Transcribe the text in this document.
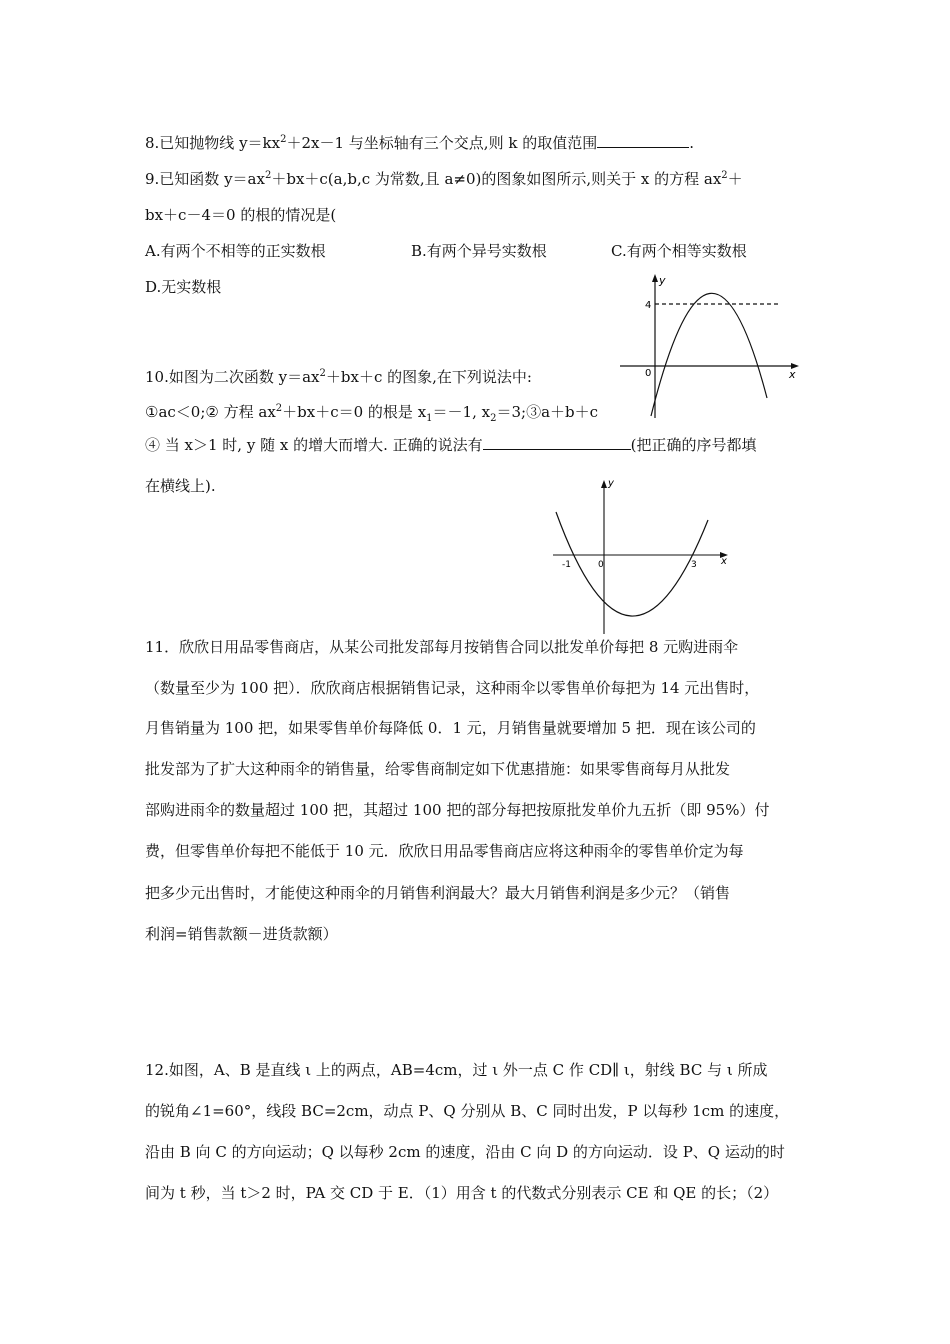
8.已知抛物线 $y=kx^2+2x-1$ 与坐标轴有三个交点,则 k 的取值范围	.
9.已知函数 $y=ax^2+bx+c(a,b,c$ 为常数,且 a≠0)的图象如图所示,则关于 x 的方程 $ax^2+$
bx＋c－4＝0 的根的情况是(
A.有两个不相等的正实数根	B.有两个异号实数根	C.有两个相等实数根
D.无实数根	y
4
0	x
10.如图为二次函数 $y=ax^2+bx+c$ 的图象,在下列说法中:
①ac＜0;② 方程 $ax^2+bx+c=0$ 的根是 $x_1=-1$, $x_2=3;③a+b+c$
④ 当 x＞1 时, y 随 x 的增大而增大. 正确的说法有	(把正确的序号都填
在横线上).	y
-1	0	3 x
11．欣欣日用品零售商店，从某公司批发部每月按销售合同以批发单价每把 8 元购进雨伞
（数量至少为 100 把）．欣欣商店根据销售记录，这种雨伞以零售单价每把为 14 元出售时，
月售销量为 100 把，如果零售单价每降低 0．1 元，月销售量就要增加 5 把．现在该公司的
批发部为了扩大这种雨伞的销售量，给零售商制定如下优惠措施：如果零售商每月从批发
部购进雨伞的数量超过 100 把，其超过 100 把的部分每把按原批发单价九五折（即 95%）付
费，但零售单价每把不能低于 10 元．欣欣日用品零售商店应将这种雨伞的零售单价定为每
把多少元出售时，才能使这种雨伞的月销售利润最大？最大月销售利润是多少元？（销售
利润=销售款额－进货款额）
12.如图，A、B 是直线 ι 上的两点，AB=4cm，过 ι 外一点 C 作 CD∥ ι，射线 BC 与 ι 所成
的锐角∠1=60°，线段 BC=2cm，动点 P、Q 分别从 B、C 同时出发，P 以每秒 1cm 的速度，
沿由 B 向 C 的方向运动；Q 以每秒 2cm 的速度，沿由 C 向 D 的方向运动．设 P、Q 运动的时
间为 t 秒，当 t＞2 时，PA 交 CD 于 E．（1）用含 t 的代数式分别表示 CE 和 QE 的长；（2）
